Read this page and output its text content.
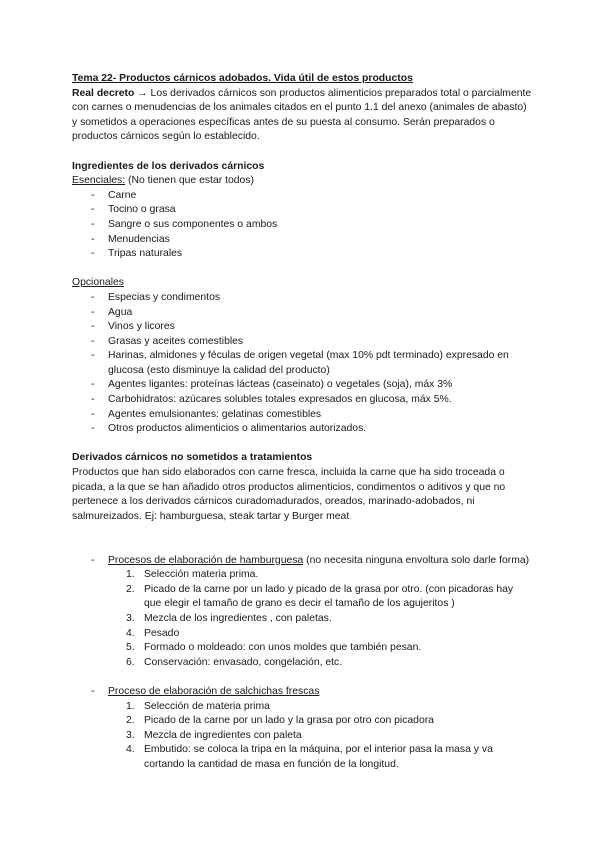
Tema 22- Productos cárnicos adobados. Vida útil de estos productos

Real decreto → Los derivados cárnicos son productos alimenticios preparados total o parcialmente con carnes o menudencias de los animales citados en el punto 1.1 del anexo (animales de abasto) y sometidos a operaciones específicas antes de su puesta al consumo. Serán preparados o productos cárnicos según lo establecido.

Ingredientes de los derivados cárnicos

Esenciales: (No tienen que estar todos)

- Carne
- Tocino o grasa
- Sangre o sus componentes o ambos
- Menudencias
- Tripas naturales

Opcionales

- Especias y condimentos
- Agua
- Vinos y licores
- Grasas y aceites comestibles
- Harinas, almidones y féculas de origen vegetal (max 10% pdt terminado) expresado en glucosa (esto disminuye la calidad del producto)
- Agentes ligantes: proteínas lácteas (caseinato) o vegetales (soja), máx 3%
- Carbohidratos: azúcares solubles totales expresados en glucosa, máx 5%.
- Agentes emulsionantes: gelatinas comestibles
- Otros productos alimenticios o alimentarios autorizados.

Derivados cárnicos no sometidos a tratamientos

Productos que han sido elaborados con carne fresca, incluida la carne que ha sido troceada o picada, a la que se han añadido otros productos alimenticios, condimentos o aditivos y que no pertenece a los derivados cárnicos curadomadurados, oreados, marinado-adobados, ni salmureizados. Ej: hamburguesa, steak tartar y Burger meat

- Procesos de elaboración de hamburguesa (no necesita ninguna envoltura solo darle forma)
1. Selección materia prima.
2. Picado de la carne por un lado y picado de la grasa por otro. (con picadoras hay que elegir el tamaño de grano es decir el tamaño de los agujeritos )
3. Mezcla de los ingredientes , con paletas.
4. Pesado
5. Formado o moldeado: con unos moldes que también pesan.
6. Conservación: envasado, congelación, etc.
- Proceso de elaboración de salchichas frescas
1. Selección de materia prima
2. Picado de la carne por un lado y la grasa por otro con picadora
3. Mezcla de ingredientes con paleta
4. Embutido: se coloca la tripa en la máquina, por el interior pasa la masa y va cortando la cantidad de masa en función de la longitud.
